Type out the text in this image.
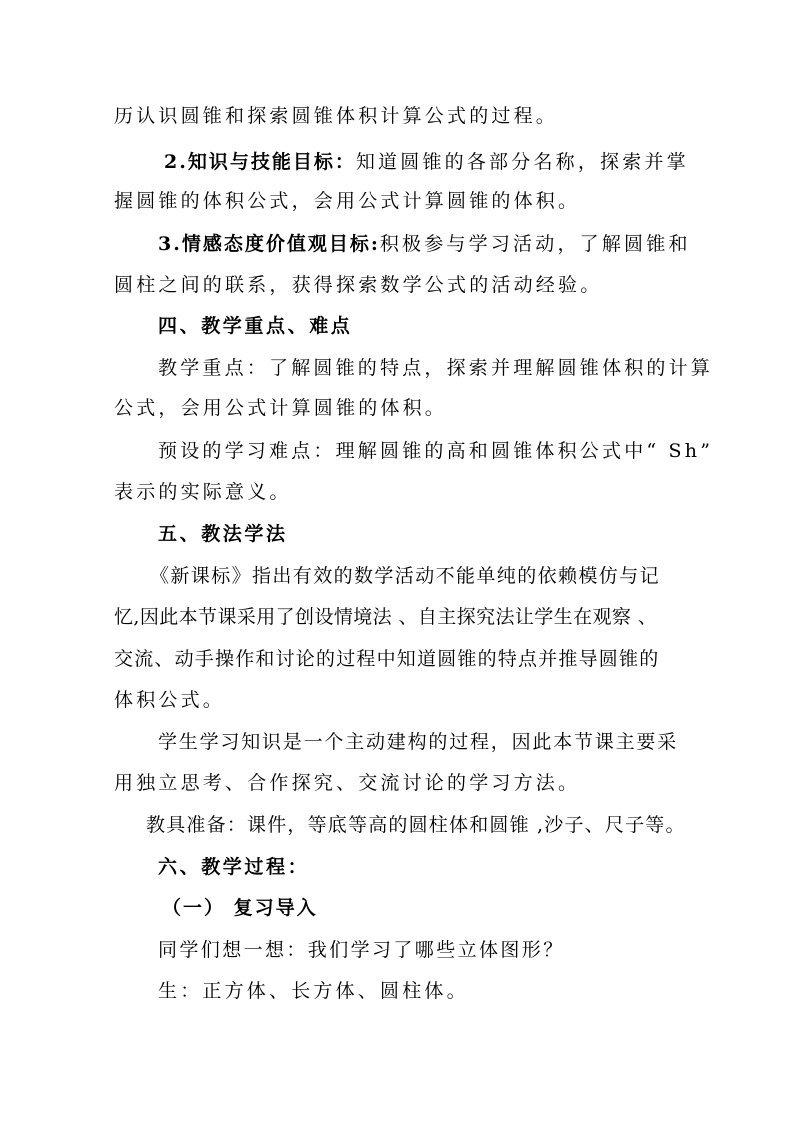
历认识圆锥和探索圆锥体积计算公式的过程。
2.知识与技能目标：知道圆锥的各部分名称，探索并掌
握圆锥的体积公式，会用公式计算圆锥的体积。
3.情感态度价值观目标:积极参与学习活动，了解圆锥和
圆柱之间的联系，获得探索数学公式的活动经验。
四、教学重点、难点
教学重点：了解圆锥的特点，探索并理解圆锥体积的计算
公式，会用公式计算圆锥的体积。
预设的学习难点：理解圆锥的高和圆锥体积公式中“ Sh”
表示的实际意义。
五、教法学法
《新课标》指出有效的数学活动不能单纯的依赖模仿与记
忆,因此本节课采用了创设情境法 、自主探究法让学生在观察 、
交流、动手操作和讨论的过程中知道圆锥的特点并推导圆锥的
体积公式。
学生学习知识是一个主动建构的过程，因此本节课主要采
用独立思考、合作探究、交流讨论的学习方法。
教具准备：课件，等底等高的圆柱体和圆锥 ,沙子、尺子等。
六、教学过程：
（一） 复习导入
同学们想一想：我们学习了哪些立体图形？
生：正方体、长方体、圆柱体。
